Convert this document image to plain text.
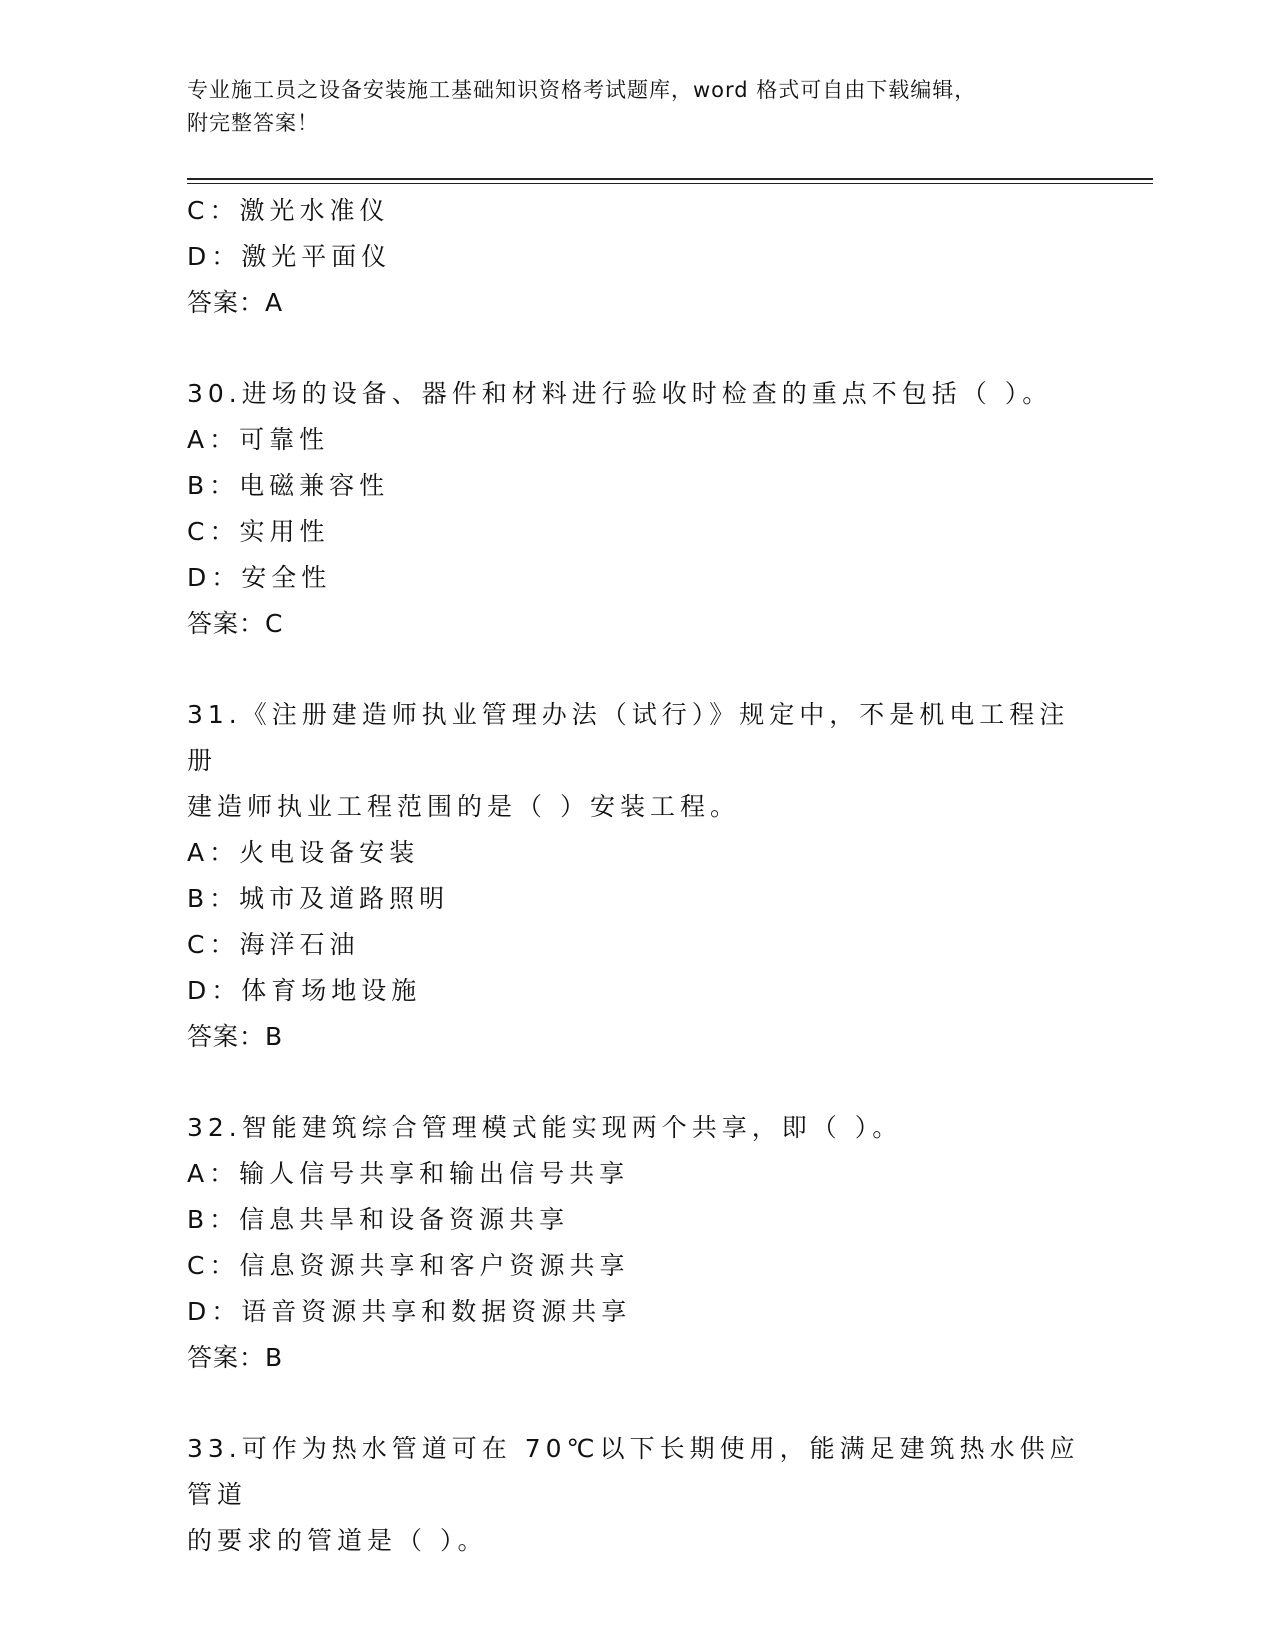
专业施工员之设备安装施工基础知识资格考试题库，word 格式可自由下载编辑，
附完整答案！
C：激光水准仪
D：激光平面仪
答案：A
30.进场的设备、器件和材料进行验收时检查的重点不包括（ ）。
A：可靠性
B：电磁兼容性
C：实用性
D：安全性
答案：C
31.《注册建造师执业管理办法（试行）》规定中，不是机电工程注册
建造师执业工程范围的是（ ）安装工程。
A：火电设备安装
B：城市及道路照明
C：海洋石油
D：体育场地设施
答案：B
32.智能建筑综合管理模式能实现两个共享，即（ ）。
A：输人信号共享和输出信号共享
B：信息共旱和设备资源共享
C：信息资源共享和客户资源共享
D：语音资源共享和数据资源共享
答案：B
33.可作为热水管道可在 70℃以下长期使用，能满足建筑热水供应管道
的要求的管道是（ ）。
